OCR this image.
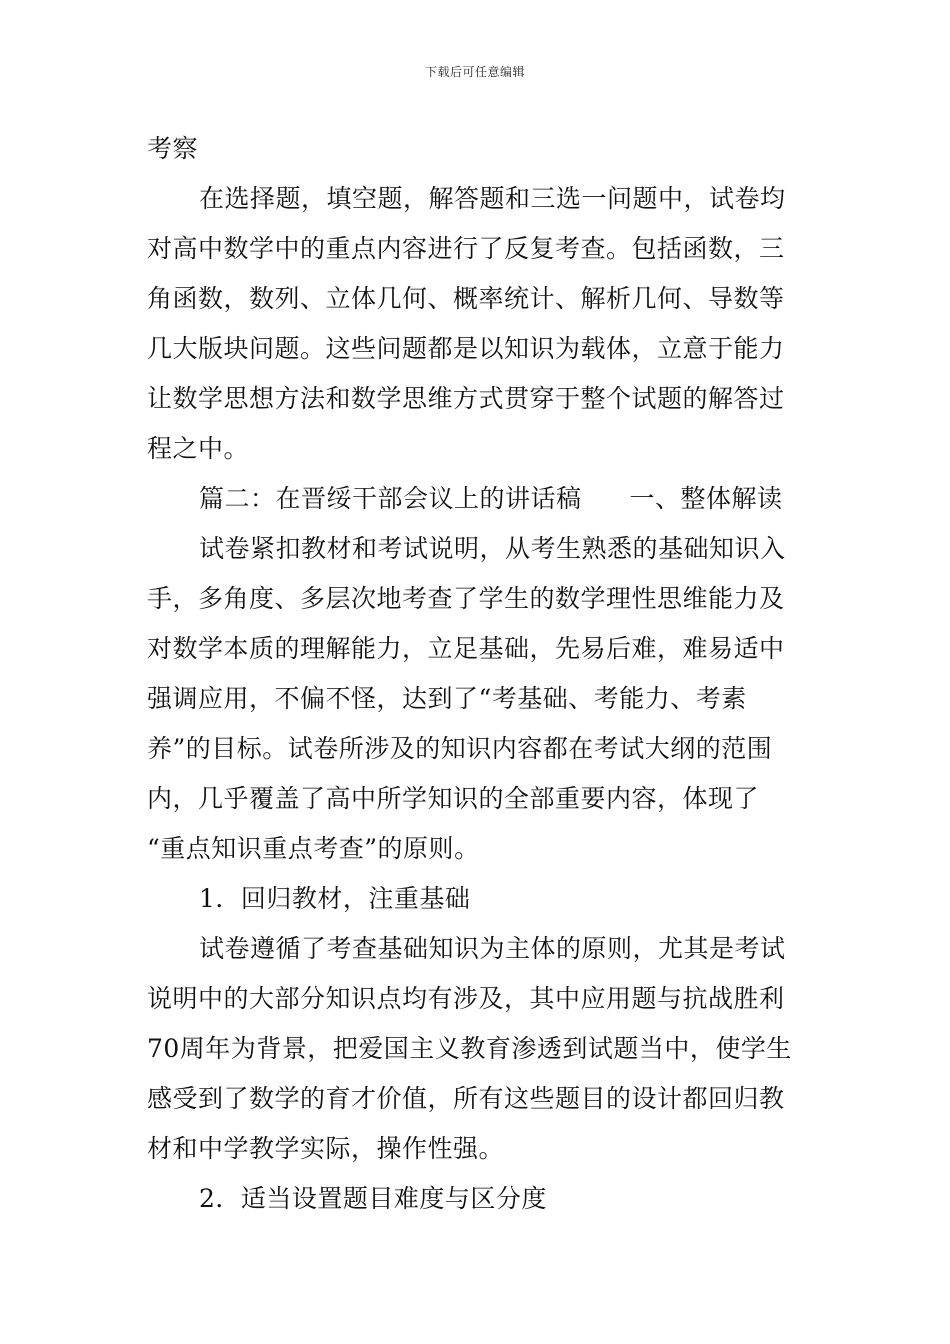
下载后可任意编辑
考察
在选择题，填空题，解答题和三选一问题中，试卷均
对高中数学中的重点内容进行了反复考查。包括函数，三
角函数，数列、立体几何、概率统计、解析几何、导数等
几大版块问题。这些问题都是以知识为载体，立意于能力
让数学思想方法和数学思维方式贯穿于整个试题的解答过
程之中。
篇二：在晋绥干部会议上的讲话稿 一、整体解读
试卷紧扣教材和考试说明，从考生熟悉的基础知识入
手，多角度、多层次地考查了学生的数学理性思维能力及
对数学本质的理解能力，立足基础，先易后难，难易适中
强调应用，不偏不怪，达到了“考基础、考能力、考素
养”的目标。试卷所涉及的知识内容都在考试大纲的范围
内，几乎覆盖了高中所学知识的全部重要内容，体现了
“重点知识重点考查”的原则。
1．回归教材，注重基础
试卷遵循了考查基础知识为主体的原则，尤其是考试
说明中的大部分知识点均有涉及，其中应用题与抗战胜利
70周年为背景，把爱国主义教育渗透到试题当中，使学生
感受到了数学的育才价值，所有这些题目的设计都回归教
材和中学教学实际，操作性强。
2．适当设置题目难度与区分度
